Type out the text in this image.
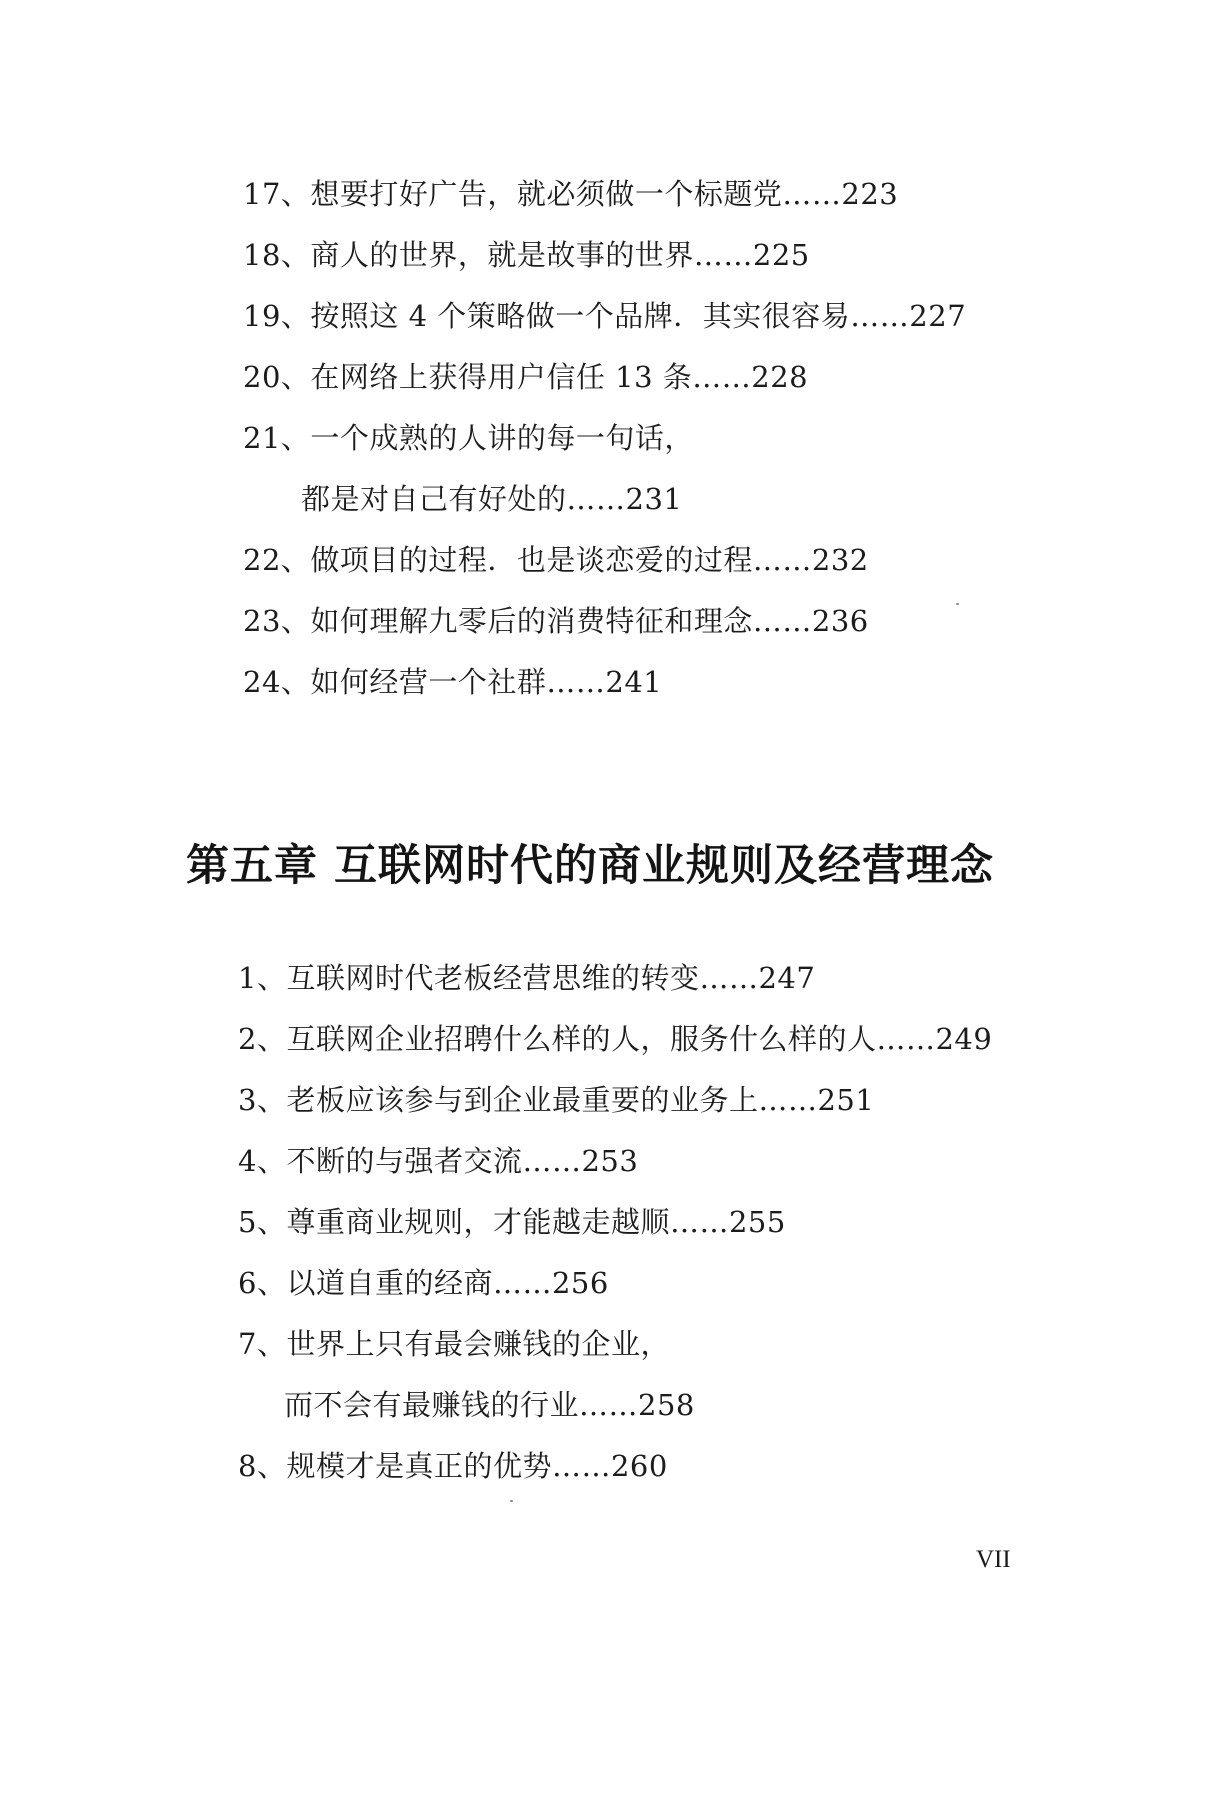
17、想要打好广告，就必须做一个标题党……223
18、商人的世界，就是故事的世界……225
19、按照这 4 个策略做一个品牌．其实很容易……227
20、在网络上获得用户信任 13 条……228
21、一个成熟的人讲的每一句话，
都是对自己有好处的……231
22、做项目的过程．也是谈恋爱的过程……232
23、如何理解九零后的消费特征和理念……236
24、如何经营一个社群……241
第五章 互联网时代的商业规则及经营理念
1、互联网时代老板经营思维的转变……247
2、互联网企业招聘什么样的人，服务什么样的人……249
3、老板应该参与到企业最重要的业务上……251
4、不断的与强者交流……253
5、尊重商业规则，才能越走越顺……255
6、以道自重的经商……256
7、世界上只有最会赚钱的企业，
而不会有最赚钱的行业……258
8、规模才是真正的优势……260
VII
